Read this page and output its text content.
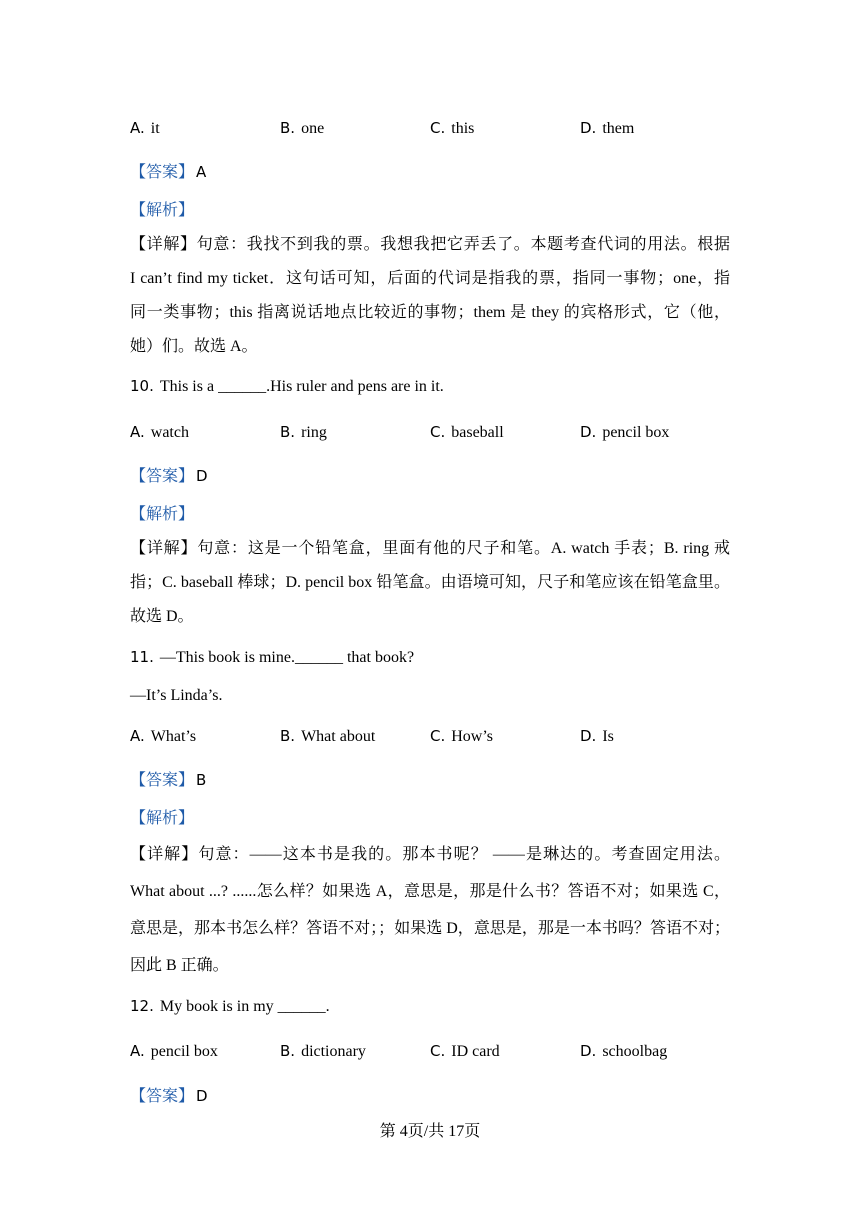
A. it	B. one	C. this	D. them
【答案】 A
【解析】
【详解】句意：我找不到我的票。我想我把它弄丢了。本题考查代词的用法。根据
I can’t find my ticket．这句话可知，后面的代词是指我的票，指同一事物；one，指
同一类事物；this 指离说话地点比较近的事物；them 是 they 的宾格形式，它（他，
她）们。故选 A。
10. This is a ______.His ruler and pens are in it.
A. watch	B. ring	C. baseball	D. pencil box
【答案】 D
【解析】
【详解】句意：这是一个铅笔盒，里面有他的尺子和笔。A. watch 手表；B. ring 戒
指；C. baseball 棒球；D. pencil box 铅笔盒。由语境可知，尺子和笔应该在铅笔盒里。
故选 D。
11. —This book is mine.______ that book?
—It’s Linda’s.
A. What’s	B. What about	C. How’s	D. Is
【答案】 B
【解析】
【详解】句意：——这本书是我的。那本书呢？ ——是琳达的。考查固定用法。
What about ...? ......怎么样？如果选 A，意思是，那是什么书？答语不对；如果选 C，
意思是，那本书怎么样？答语不对；；如果选 D，意思是，那是一本书吗？答语不对；
因此 B 正确。
12. My book is in my ______.
A. pencil box	B. dictionary	C. ID card	D. schoolbag
【答案】 D
第 4页/共 17页
